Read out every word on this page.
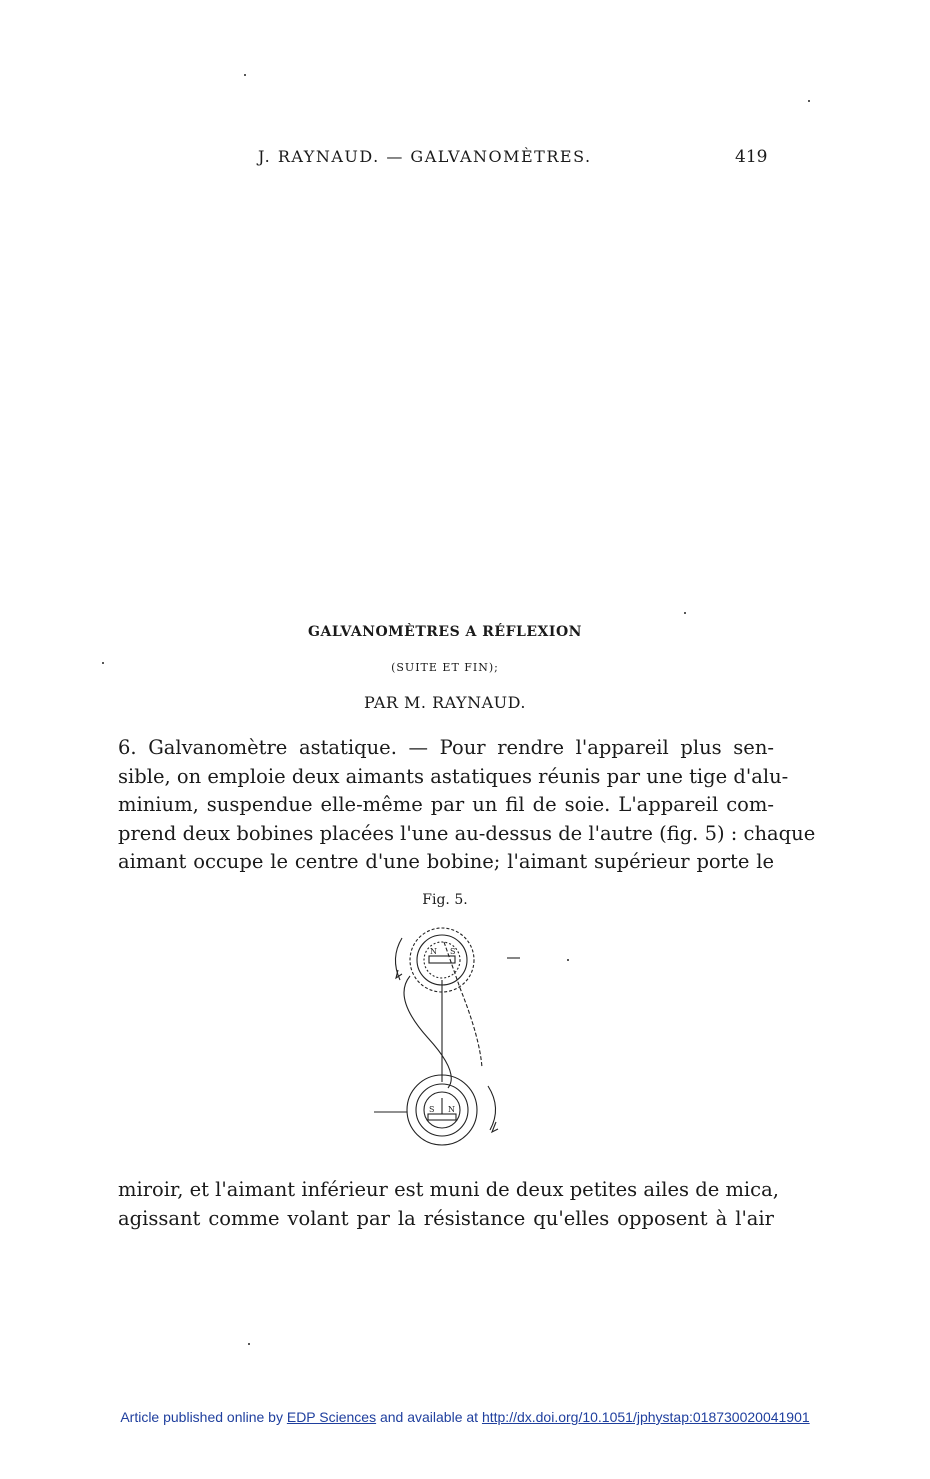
J. RAYNAUD. — GALVANOMÈTRES.	419
GALVANOMÈTRES A RÉFLEXION
(SUITE ET FIN);
PAR M. RAYNAUD.
6. Galvanomètre astatique. — Pour rendre l'appareil plus sen-
sible, on emploie deux aimants astatiques réunis par une tige d'alu-
minium, suspendue elle-même par un fil de soie. L'appareil com-
prend deux bobines placées l'une au-dessus de l'autre (fig. 5) : chaque
aimant occupe le centre d'une bobine; l'aimant supérieur porte le
Fig. 5.
N S
S N
miroir, et l'aimant inférieur est muni de deux petites ailes de mica,
agissant comme volant par la résistance qu'elles opposent à l'air
Article published online by EDP Sciences and available at http://dx.doi.org/10.1051/jphystap:018730020041901
